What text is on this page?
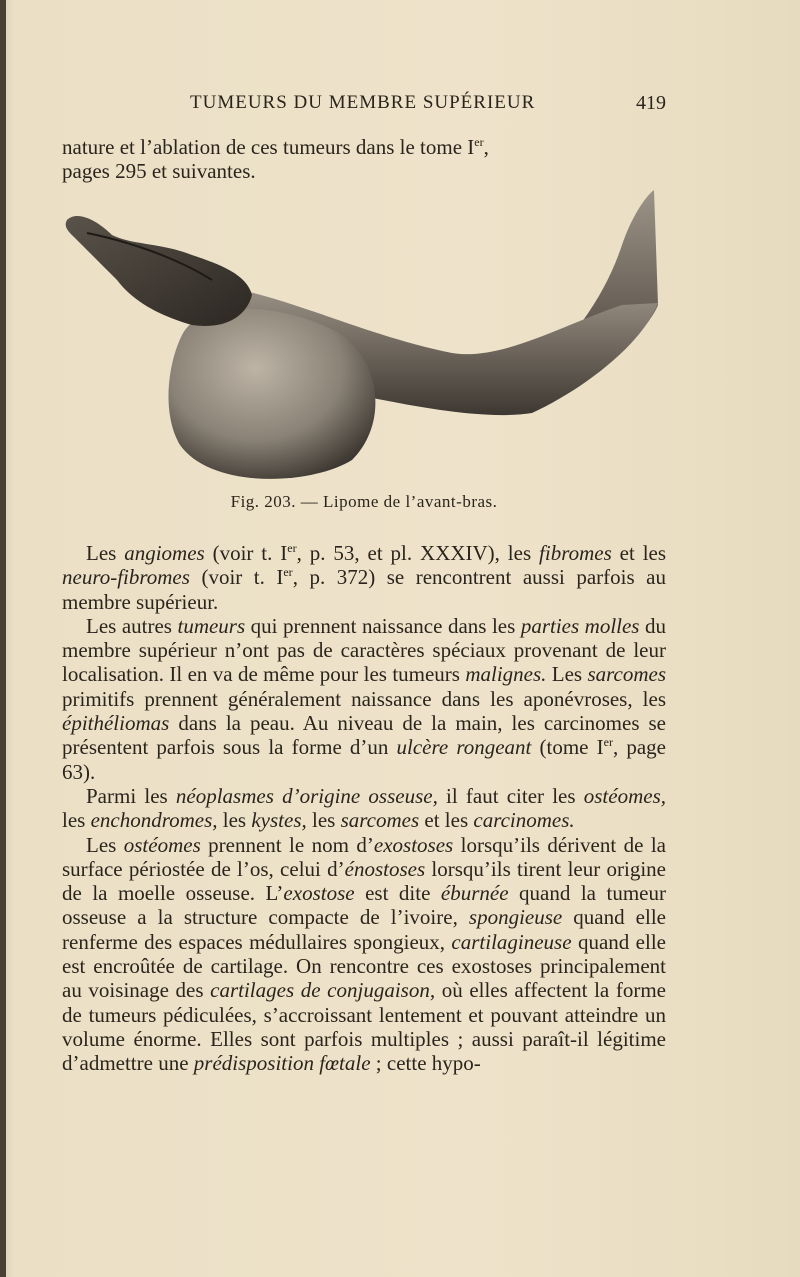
TUMEURS DU MEMBRE SUPÉRIEUR	419

nature et l’ablation de ces tumeurs dans le tome Ier,

pages 295 et suivantes.

Fig. 203. — Lipome de l’avant-bras.

Les angiomes (voir t. Ier, p. 53, et pl. XXXIV), les fibromes et les neuro-fibromes (voir t. Ier, p. 372) se rencontrent aussi parfois au membre supérieur.

Les autres tumeurs qui prennent naissance dans les parties molles du membre supérieur n’ont pas de caractères spéciaux provenant de leur localisation. Il en va de même pour les tumeurs malignes. Les sarcomes primitifs prennent généralement naissance dans les aponévroses, les épithéliomas dans la peau. Au niveau de la main, les carcinomes se présentent parfois sous la forme d’un ulcère rongeant (tome Ier, page 63).

Parmi les néoplasmes d’origine osseuse, il faut citer les ostéomes, les enchondromes, les kystes, les sarcomes et les carcinomes.

Les ostéomes prennent le nom d’exostoses lorsqu’ils dérivent de la surface périostée de l’os, celui d’énostoses lorsqu’ils tirent leur origine de la moelle osseuse. L’exostose est dite éburnée quand la tumeur osseuse a la structure compacte de l’ivoire, spongieuse quand elle renferme des espaces médullaires spongieux, cartilagineuse quand elle est encroûtée de cartilage. On rencontre ces exostoses principalement au voisinage des cartilages de conjugaison, où elles affectent la forme de tumeurs pédiculées, s’accroissant lentement et pouvant atteindre un volume énorme. Elles sont parfois multiples ; aussi paraît-il légitime d’admettre une prédisposition fœtale ; cette hypo-
